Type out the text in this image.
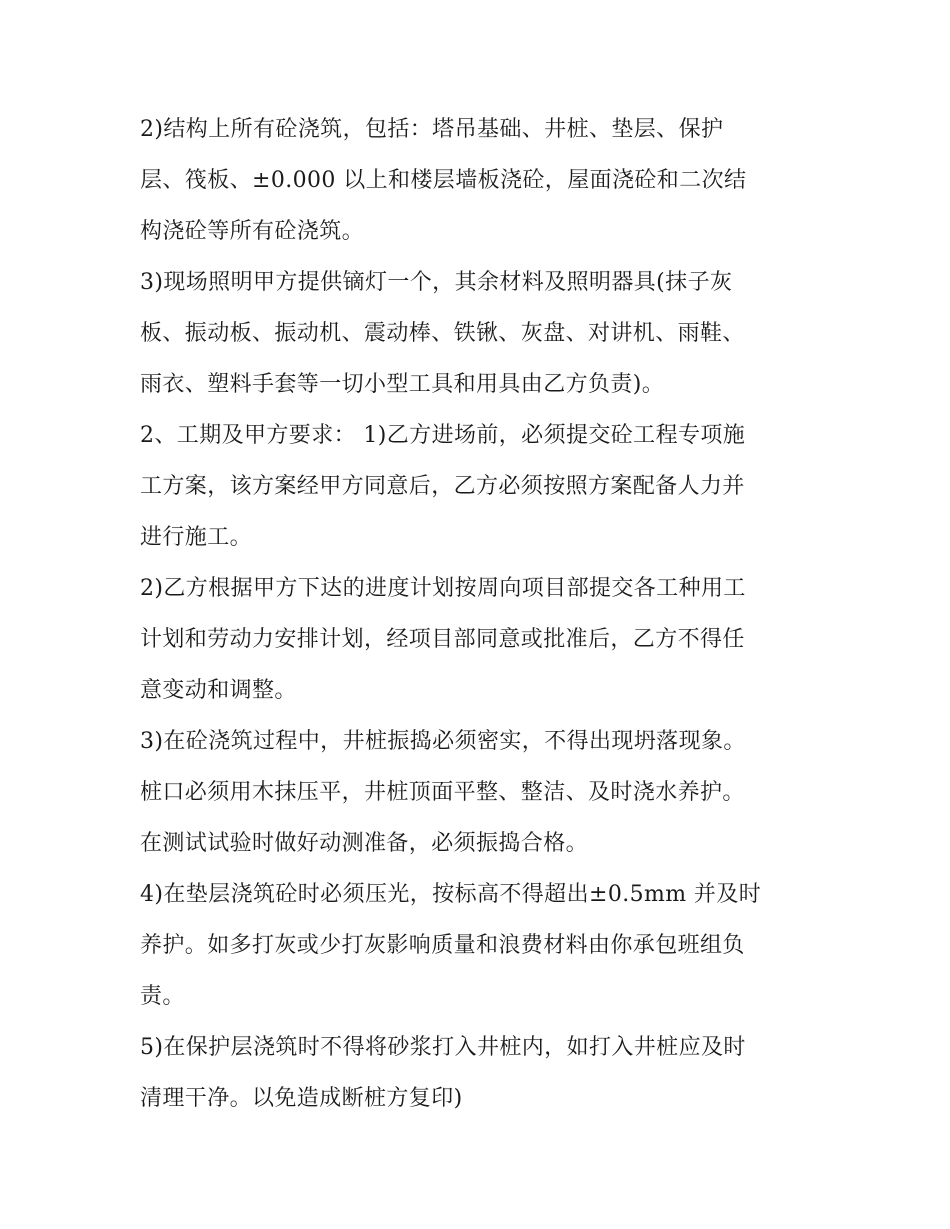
2)结构上所有砼浇筑，包括：塔吊基础、井桩、垫层、保护
层、筏板、±0.000 以上和楼层墙板浇砼，屋面浇砼和二次结
构浇砼等所有砼浇筑。
3)现场照明甲方提供镝灯一个，其余材料及照明器具(抹子灰
板、振动板、振动机、震动棒、铁锹、灰盘、对讲机、雨鞋、
雨衣、塑料手套等一切小型工具和用具由乙方负责)。
2、工期及甲方要求： 1)乙方进场前，必须提交砼工程专项施
工方案，该方案经甲方同意后，乙方必须按照方案配备人力并
进行施工。
2)乙方根据甲方下达的进度计划按周向项目部提交各工种用工
计划和劳动力安排计划，经项目部同意或批准后，乙方不得任
意变动和调整。
3)在砼浇筑过程中，井桩振捣必须密实，不得出现坍落现象。
桩口必须用木抹压平，井桩顶面平整、整洁、及时浇水养护。
在测试试验时做好动测准备，必须振捣合格。
4)在垫层浇筑砼时必须压光，按标高不得超出±0.5mm 并及时
养护。如多打灰或少打灰影响质量和浪费材料由你承包班组负
责。
5)在保护层浇筑时不得将砂浆打入井桩内，如打入井桩应及时
清理干净。以免造成断桩方复印)
